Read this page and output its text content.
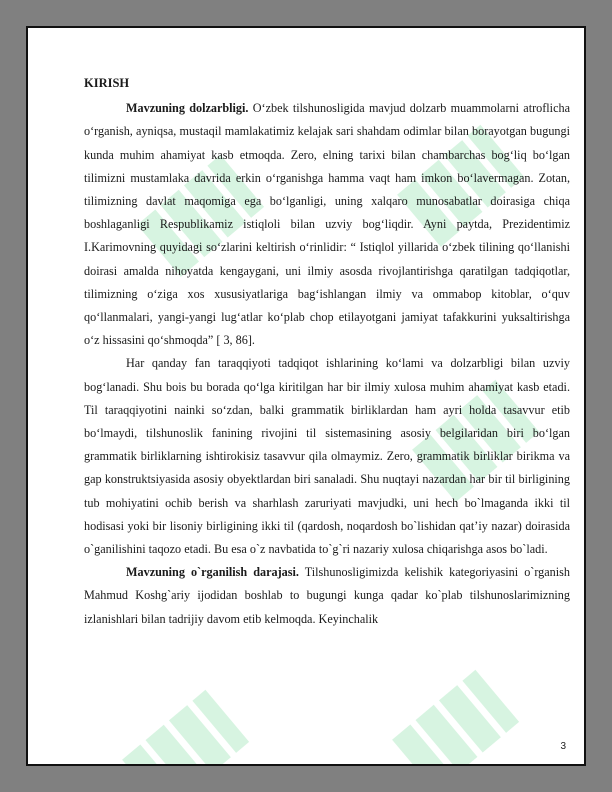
KIRISH

Mavzuning dolzarbligi. O‘zbek tilshunosligida mavjud dolzarb muammolarni atroflicha o‘rganish, ayniqsa, mustaqil mamlakatimiz kelajak sari shahdam odimlar bilan borayotgan bugungi kunda muhim ahamiyat kasb etmoqda. Zero, elning tarixi bilan chambarchas bog‘liq bo‘lgan tilimizni mustamlaka davrida erkin o‘rganishga hamma vaqt ham imkon bo‘lavermagan. Zotan, tilimizning davlat maqomiga ega bo‘lganligi, uning xalqaro munosabatlar doirasiga chiqa boshlaganligi Respublikamiz istiqloli bilan uzviy bog‘liqdir. Ayni paytda, Prezidentimiz I.Karimovning quyidagi so‘zlarini keltirish o‘rinlidir: “ Istiqlol yillarida o‘zbek tilining qo‘llanishi doirasi amalda nihoyatda kengaygani, uni ilmiy asosda rivojlantirishga qaratilgan tadqiqotlar, tilimizning o‘ziga xos xususiyatlariga bag‘ishlangan ilmiy va ommabop kitoblar, o‘quv qo‘llanmalari, yangi-yangi lug‘atlar ko‘plab chop etilayotgani jamiyat tafakkurini yuksaltirishga o‘z hissasini qo‘shmoqda” [ 3, 86].

Har qanday fan taraqqiyoti tadqiqot ishlarining ko‘lami va dolzarbligi bilan uzviy bog‘lanadi. Shu bois bu borada qo‘lga kiritilgan har bir ilmiy xulosa muhim ahamiyat kasb etadi. Til taraqqiyotini nainki so‘zdan, balki grammatik birliklardan ham ayri holda tasavvur etib bo‘lmaydi, tilshunoslik fanining rivojini til sistemasining asosiy belgilaridan biri bo‘lgan grammatik birliklarning ishtirokisiz tasavvur qila olmaymiz. Zero, grammatik birliklar birikma va gap konstruktsiyasida asosiy obyektlardan biri sanaladi. Shu nuqtayi nazardan har bir til birligining tub mohiyatini ochib berish va sharhlash zaruriyati mavjudki, uni hech bo`lmaganda ikki til hodisasi yoki bir lisoniy birligining ikki til (qardosh, noqardosh bo`lishidan qat’iy nazar) doirasida o`ganilishini taqozo etadi. Bu esa o`z navbatida to`g`ri nazariy xulosa chiqarishga asos bo`ladi.

Mavzuning o`rganilish darajasi. Tilshunosligimizda kelishik kategoriyasini o`rganish Mahmud Koshg`ariy ijodidan boshlab to bugungi kunga qadar ko`plab tilshunoslarimizning izlanishlari bilan tadrijiy davom etib kelmoqda. Keyinchalik

3
